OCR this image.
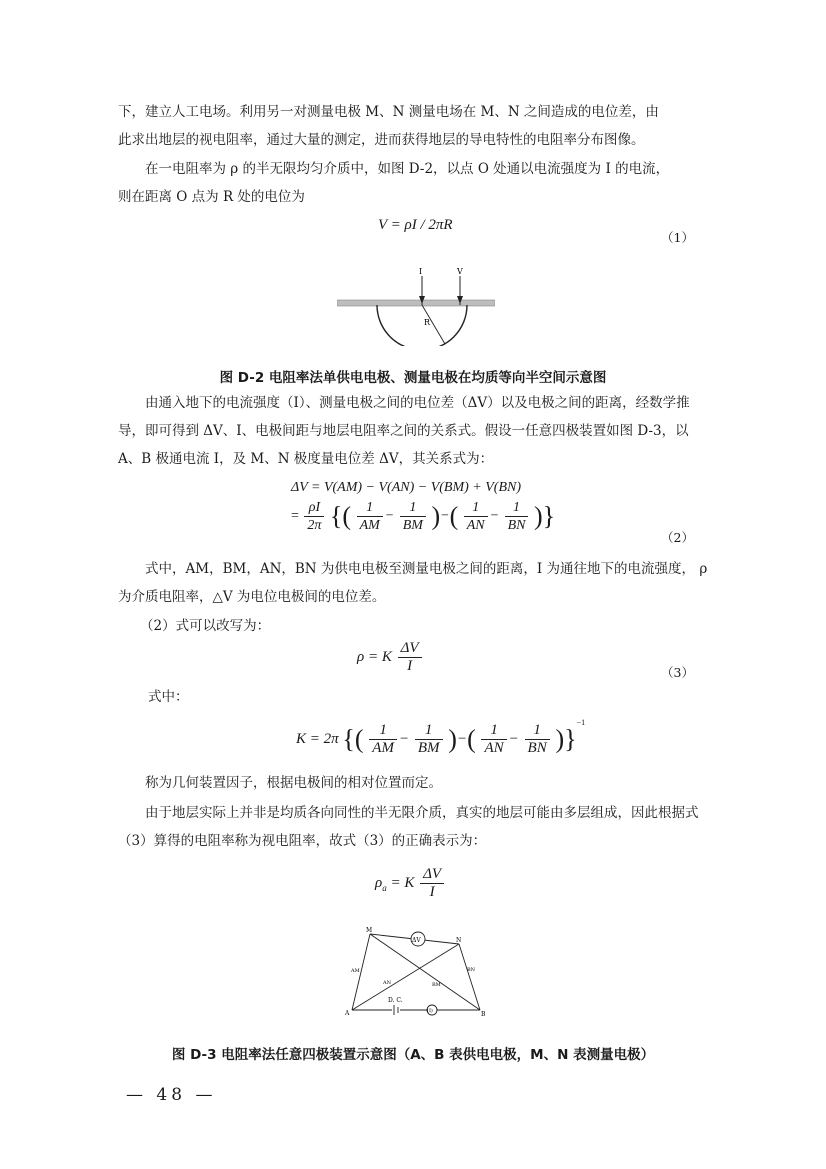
下，建立人工电场。利用另一对测量电极 M、N 测量电场在 M、N 之间造成的电位差，由
此求出地层的视电阻率，通过大量的测定，进而获得地层的导电特性的电阻率分布图像。
在一电阻率为 ρ 的半无限均匀介质中，如图 D-2，以点 O 处通以电流强度为 I 的电流，
则在距离 O 点为 R 处的电位为
V = ρI / 2πR
（1）
I	V
R
图 D-2 电阻率法单供电电极、测量电极在均质等向半空间示意图
由通入地下的电流强度（I）、测量电极之间的电位差（ΔV）以及电极之间的距离，经数学推导，即可得到 ΔV、I、电极间距与地层电阻率之间的关系式。假设一任意四极装置如图 D-3，以 A、B 极通电流 I，及 M、N 极度量电位差 ΔV，其关系式为：
ΔV = V(AM) − V(AN) − V(BM) + V(BN)
= $\frac{\rho I}{2\pi}$ {( $\frac{1}{AM} - \frac{1}{BM}$ )−( $\frac{1}{AN} - \frac{1}{BN}$ )}
（2）
式中，AM，BM，AN，BN 为供电电极至测量电极之间的距离，I 为通往地下的电流强度， ρ为介质电阻率，△V 为电位电极间的电位差。
（2）式可以改写为：
ρ = K $\frac{\Delta V}{I}$	（3）
式中：
K = 2π {( $\frac{1}{AM} - \frac{1}{BM}$ )−( $\frac{1}{AN} - \frac{1}{BN} )\}^{-1}$
称为几何装置因子，根据电极间的相对位置而定。
由于地层实际上并非是均质各向同性的半无限介质，真实的地层可能由多层组成，因此根据式（3）算得的电阻率称为视电阻率，故式（3）的正确表示为：
$\rho_a = K \frac{\Delta V}{I}$
ΔV
(I)
D. C.
M
N
A	B
AM	BN
AN	BM
图 D-3 电阻率法任意四极装置示意图（A、B 表供电电极，M、N 表测量电极）
— 48 —
